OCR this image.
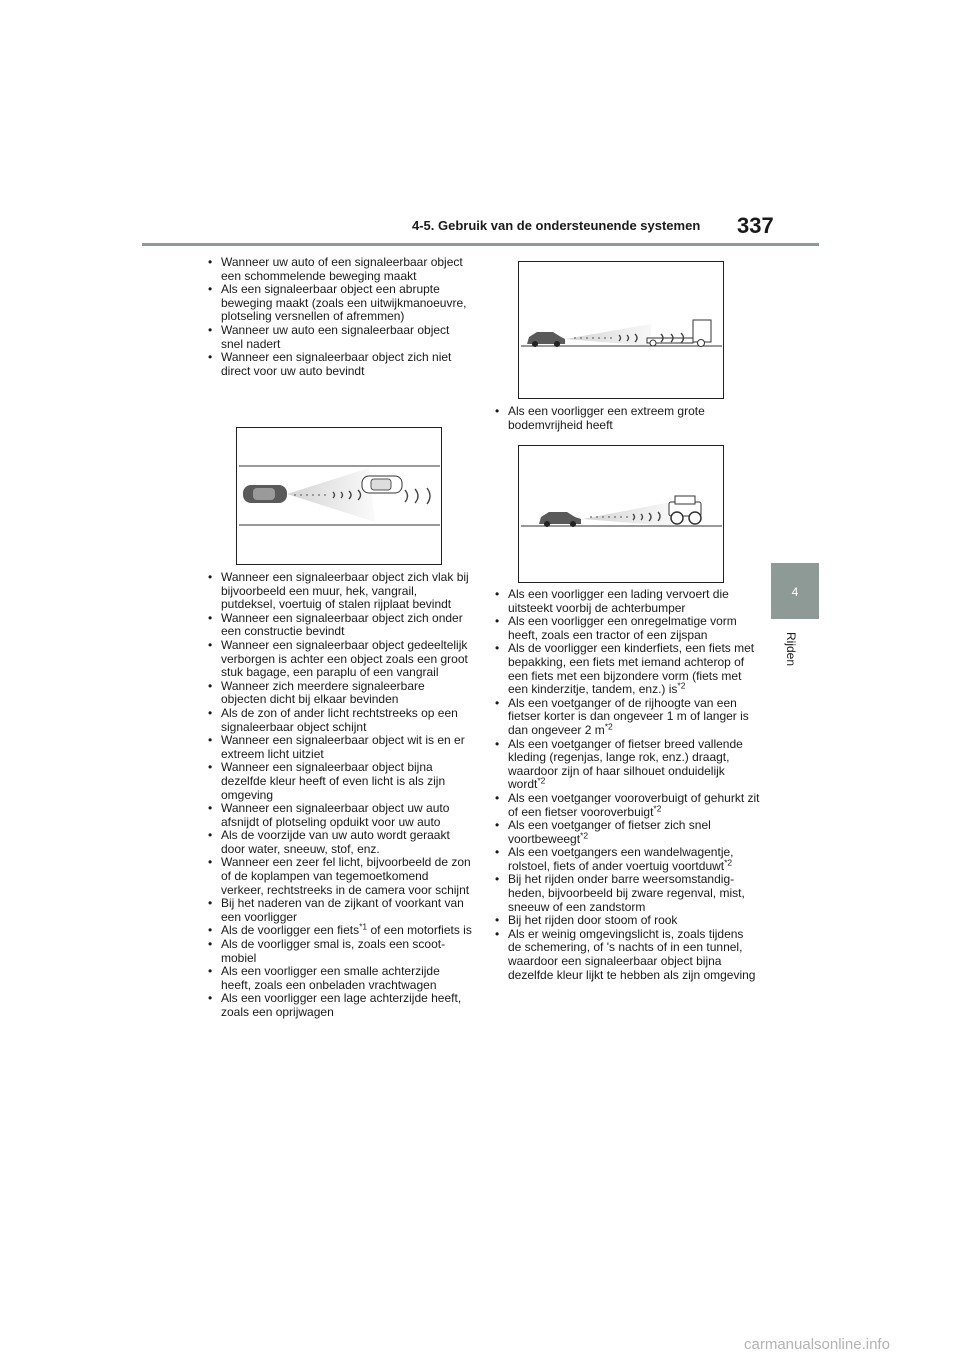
4-5. Gebruik van de ondersteunende systemen 337
4
Rijden
• Wanneer uw auto of een signaleerbaar object een schommelende beweging maakt
• Als een signaleerbaar object een abrupte beweging maakt (zoals een uitwijkmanoeuvre, plotseling versnellen of afremmen)
• Wanneer uw auto een signaleerbaar object snel nadert
• Wanneer een signaleerbaar object zich niet direct voor uw auto bevindt
• Wanneer een signaleerbaar object zich vlak bij bijvoorbeeld een muur, hek, vangrail, putdeksel, voertuig of stalen rijplaat bevindt
• Wanneer een signaleerbaar object zich onder een constructie bevindt
• Wanneer een signaleerbaar object gedeeltelijk verborgen is achter een object zoals een groot stuk bagage, een paraplu of een vangrail
• Wanneer zich meerdere signaleerbare objecten dicht bij elkaar bevinden
• Als de zon of ander licht rechtstreeks op een signaleerbaar object schijnt
• Wanneer een signaleerbaar object wit is en er extreem licht uitziet
• Wanneer een signaleerbaar object bijna dezelfde kleur heeft of even licht is als zijn omgeving
• Wanneer een signaleerbaar object uw auto afsnijdt of plotseling opduikt voor uw auto
• Als de voorzijde van uw auto wordt geraakt door water, sneeuw, stof, enz.
• Wanneer een zeer fel licht, bijvoorbeeld de zon of de koplampen van tegemoetkomend verkeer, rechtstreeks in de camera voor schijnt
• Bij het naderen van de zijkant of voorkant van een voorligger
• Als de voorligger een fiets$^{*1}$ of een motorfiets is
• Als de voorligger smal is, zoals een scootmobiel
• Als een voorligger een smalle achterzijde heeft, zoals een onbeladen vrachtwagen
• Als een voorligger een lage achterzijde heeft, zoals een oprijwagen
• Als een voorligger een extreem grote bodemvrijheid heeft
• Als een voorligger een lading vervoert die uitsteekt voorbij de achterbumper
• Als een voorligger een onregelmatige vorm heeft, zoals een tractor of een zijspan
• Als de voorligger een kinderfiets, een fiets met bepakking, een fiets met iemand achterop of een fiets met een bijzondere vorm (fiets met een kinderzitje, tandem, enz.) $is^{*2}$
• Als een voetganger of de rijhoogte van een fietser korter is dan ongeveer 1 m of langer is dan ongeveer 2 $m^{*2}$
• Als een voetganger of fietser breed vallende kleding (regenjas, lange rok, enz.) draagt, waardoor zijn of haar silhouet onduidelijk wordt$^{*2}$
• Als een voetganger vooroverbuigt of gehurkt zit of een fietser vooroverbuigt$^{*2}$
• Als een voetganger of fietser zich snel voortbeweegt$^{*2}$
• Als een voetgangers een wandelwagentje, rolstoel, fiets of ander voertuig voortduwt$^{*2}$
• Bij het rijden onder barre weersomstandigheden, bijvoorbeeld bij zware regenval, mist, sneeuw of een zandstorm
• Bij het rijden door stoom of rook
• Als er weinig omgevingslicht is, zoals tijdens de schemering, of 's nachts of in een tunnel, waardoor een signaleerbaar object bijna dezelfde kleur lijkt te hebben als zijn omgeving
carmanualsonline.info
